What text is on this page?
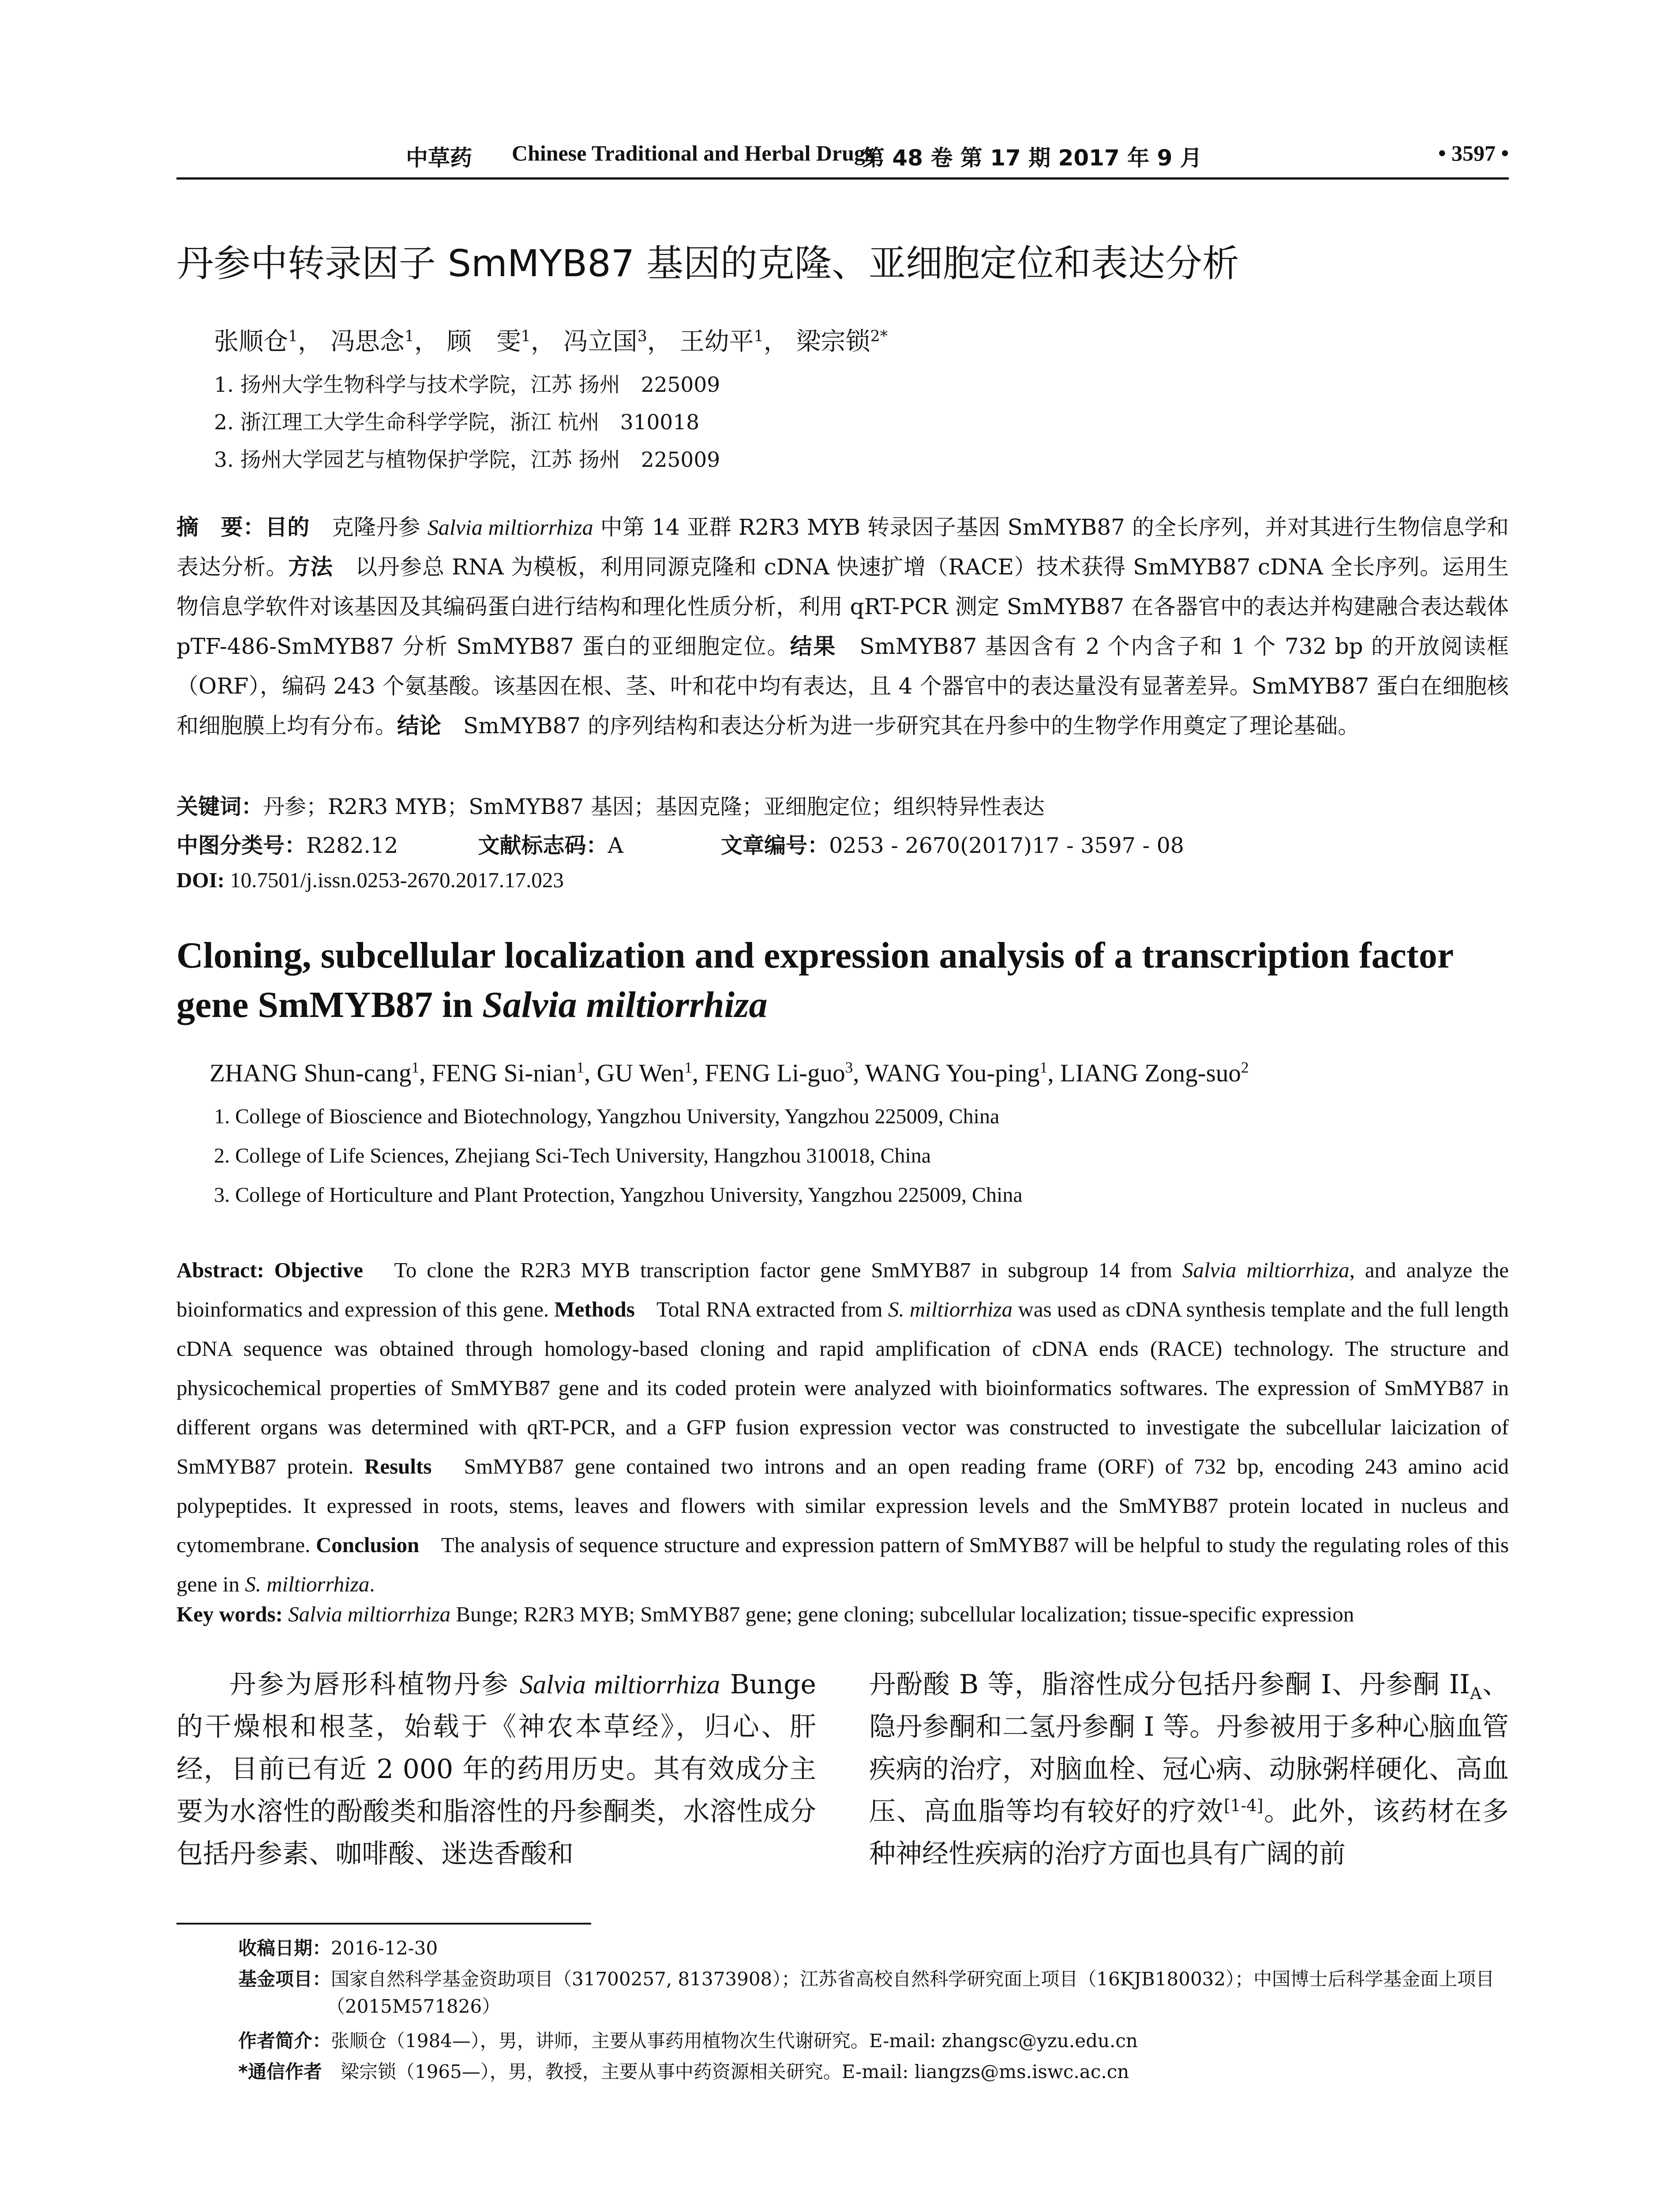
中草药 Chinese Traditional and Herbal Drugs
第 48 卷 第 17 期 2017 年 9 月	• 3597 •
丹参中转录因子 SmMYB87 基因的克隆、亚细胞定位和表达分析
张顺仓$^1$， 冯思念$^1$， 顾　雯$^1$， 冯立国$^3$， 王幼平$^1$， 梁宗锁$^{2*}$
1. 扬州大学生物科学与技术学院，江苏 扬州　225009
2. 浙江理工大学生命科学学院，浙江 杭州　310018
3. 扬州大学园艺与植物保护学院，江苏 扬州　225009
摘　要：目的　克隆丹参 Salvia miltiorrhiza 中第 14 亚群 R2R3 MYB 转录因子基因 SmMYB87 的全长序列，并对其进行生物信息学和表达分析。方法　以丹参总 RNA 为模板，利用同源克隆和 cDNA 快速扩增（RACE）技术获得 SmMYB87 cDNA 全长序列。运用生物信息学软件对该基因及其编码蛋白进行结构和理化性质分析，利用 qRT-PCR 测定 SmMYB87 在各器官中的表达并构建融合表达载体 pTF-486-SmMYB87 分析 SmMYB87 蛋白的亚细胞定位。结果　SmMYB87 基因含有 2 个内含子和 1 个 732 bp 的开放阅读框（ORF），编码 243 个氨基酸。该基因在根、茎、叶和花中均有表达，且 4 个器官中的表达量没有显著差异。SmMYB87 蛋白在细胞核和细胞膜上均有分布。结论　SmMYB87 的序列结构和表达分析为进一步研究其在丹参中的生物学作用奠定了理论基础。
关键词：丹参；R2R3 MYB；SmMYB87 基因；基因克隆；亚细胞定位；组织特异性表达
中图分类号：R282.12	文献标志码：A	文章编号：0253 - 2670(2017)17 - 3597 - 08
DOI: 10.7501/j.issn.0253-2670.2017.17.023
Cloning, subcellular localization and expression analysis of a transcription factor
gene SmMYB87 in Salvia miltiorrhiza
ZHANG Shun-cang$^1$, FENG Si-nian$^1$, GU Wen$^1$, FENG Li-guo$^3$, WANG You-ping$^1$, LIANG Zong-suo$^2$
1. College of Bioscience and Biotechnology, Yangzhou University, Yangzhou 225009, China
2. College of Life Sciences, Zhejiang Sci-Tech University, Hangzhou 310018, China
3. College of Horticulture and Plant Protection, Yangzhou University, Yangzhou 225009, China
Abstract: Objective　To clone the R2R3 MYB transcription factor gene SmMYB87 in subgroup 14 from Salvia miltiorrhiza, and analyze the bioinformatics and expression of this gene. Methods　Total RNA extracted from S. miltiorrhiza was used as cDNA synthesis template and the full length cDNA sequence was obtained through homology-based cloning and rapid amplification of cDNA ends (RACE) technology. The structure and physicochemical properties of SmMYB87 gene and its coded protein were analyzed with bioinformatics softwares. The expression of SmMYB87 in different organs was determined with qRT-PCR, and a GFP fusion expression vector was constructed to investigate the subcellular laicization of SmMYB87 protein. Results　SmMYB87 gene contained two introns and an open reading frame (ORF) of 732 bp, encoding 243 amino acid polypeptides. It expressed in roots, stems, leaves and flowers with similar expression levels and the SmMYB87 protein located in nucleus and cytomembrane. Conclusion　The analysis of sequence structure and expression pattern of SmMYB87 will be helpful to study the regulating roles of this gene in S. miltiorrhiza.
Key words: Salvia miltiorrhiza Bunge; R2R3 MYB; SmMYB87 gene; gene cloning; subcellular localization; tissue-specific expression
丹参为唇形科植物丹参 Salvia miltiorrhiza Bunge 的干燥根和根茎，始载于《神农本草经》，归心、肝经，目前已有近 2 000 年的药用历史。其有效成分主要为水溶性的酚酸类和脂溶性的丹参酮类，水溶性成分包括丹参素、咖啡酸、迷迭香酸和
丹酚酸 B 等，脂溶性成分包括丹参酮 I、丹参酮 $II_A$、隐丹参酮和二氢丹参酮 I 等。丹参被用于多种心脑血管疾病的治疗，对脑血栓、冠心病、动脉粥样硬化、高血压、高血脂等均有较好的疗效[1-4]。此外，该药材在多种神经性疾病的治疗方面也具有广阔的前
收稿日期：2016-12-30
基金项目：国家自然科学基金资助项目（31700257, 81373908）；江苏省高校自然科学研究面上项目（16KJB180032）；中国博士后科学基金面上项目（2015M571826）
作者简介：张顺仓（1984—），男，讲师，主要从事药用植物次生代谢研究。E-mail: zhangsc@yzu.edu.cn
*通信作者　梁宗锁（1965—），男，教授，主要从事中药资源相关研究。E-mail: liangzs@ms.iswc.ac.cn
